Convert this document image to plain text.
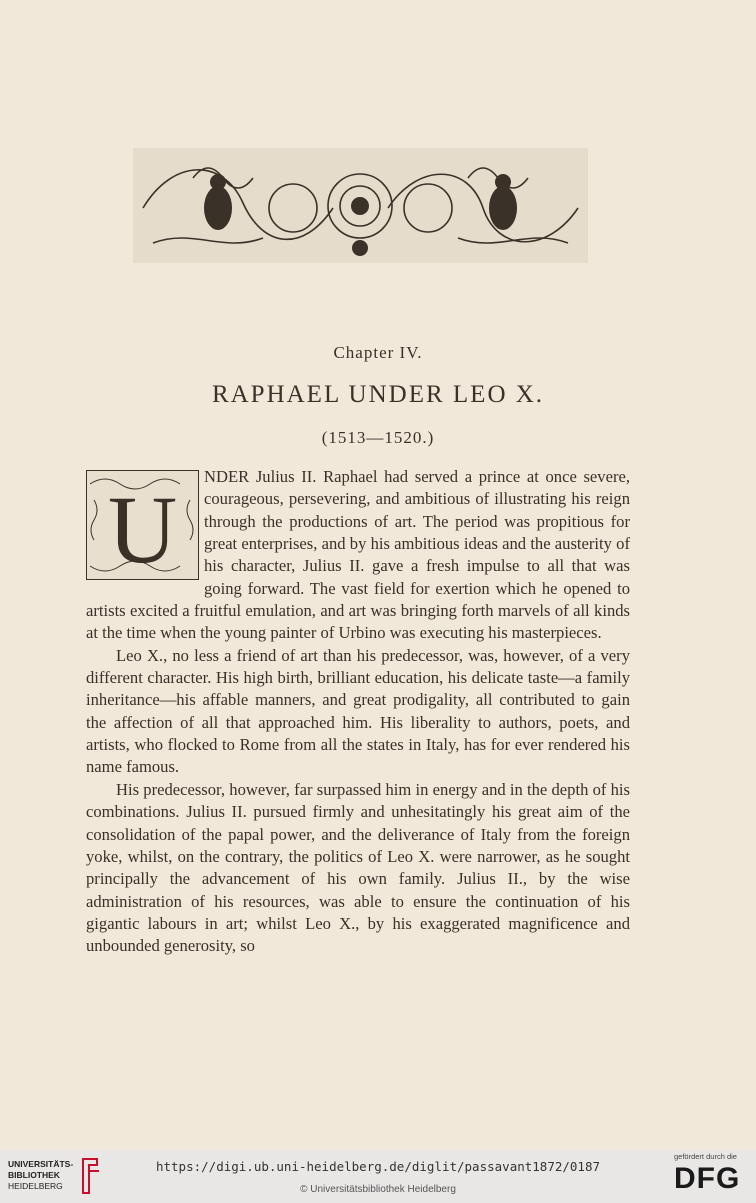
Chapter IV.
RAPHAEL UNDER LEO X.
(1513—1520.)
U	NDER Julius II. Raphael had served a prince at once severe, courageous, persevering, and ambitious of illustrating his reign through the productions of art. The period was propitious for great enterprises, and by his ambitious ideas and the austerity of his character, Julius II. gave a fresh impulse to all that was going forward. The vast field for exertion which he opened to artists excited a fruitful emulation, and art was bringing forth marvels of all kinds at the time when the young painter of Urbino was executing his masterpieces.

Leo X., no less a friend of art than his predecessor, was, however, of a very different character. His high birth, brilliant education, his delicate taste—a family inheritance—his affable manners, and great prodigality, all contributed to gain the affection of all that approached him. His liberality to authors, poets, and artists, who flocked to Rome from all the states in Italy, has for ever rendered his name famous.

His predecessor, however, far surpassed him in energy and in the depth of his combinations. Julius II. pursued firmly and unhesitatingly his great aim of the consolidation of the papal power, and the deliverance of Italy from the foreign yoke, whilst, on the contrary, the politics of Leo X. were narrower, as he sought principally the advancement of his own family. Julius II., by the wise administration of his resources, was able to ensure the continuation of his gigantic labours in art; whilst Leo X., by his exaggerated magnificence and unbounded generosity, so

UNIVERSITÄTS-
BIBLIOTHEK
HEIDELBERG
https://digi.ub.uni-heidelberg.de/diglit/passavant1872/0187
© Universitätsbibliothek Heidelberg
gefördert durch die
DFG
